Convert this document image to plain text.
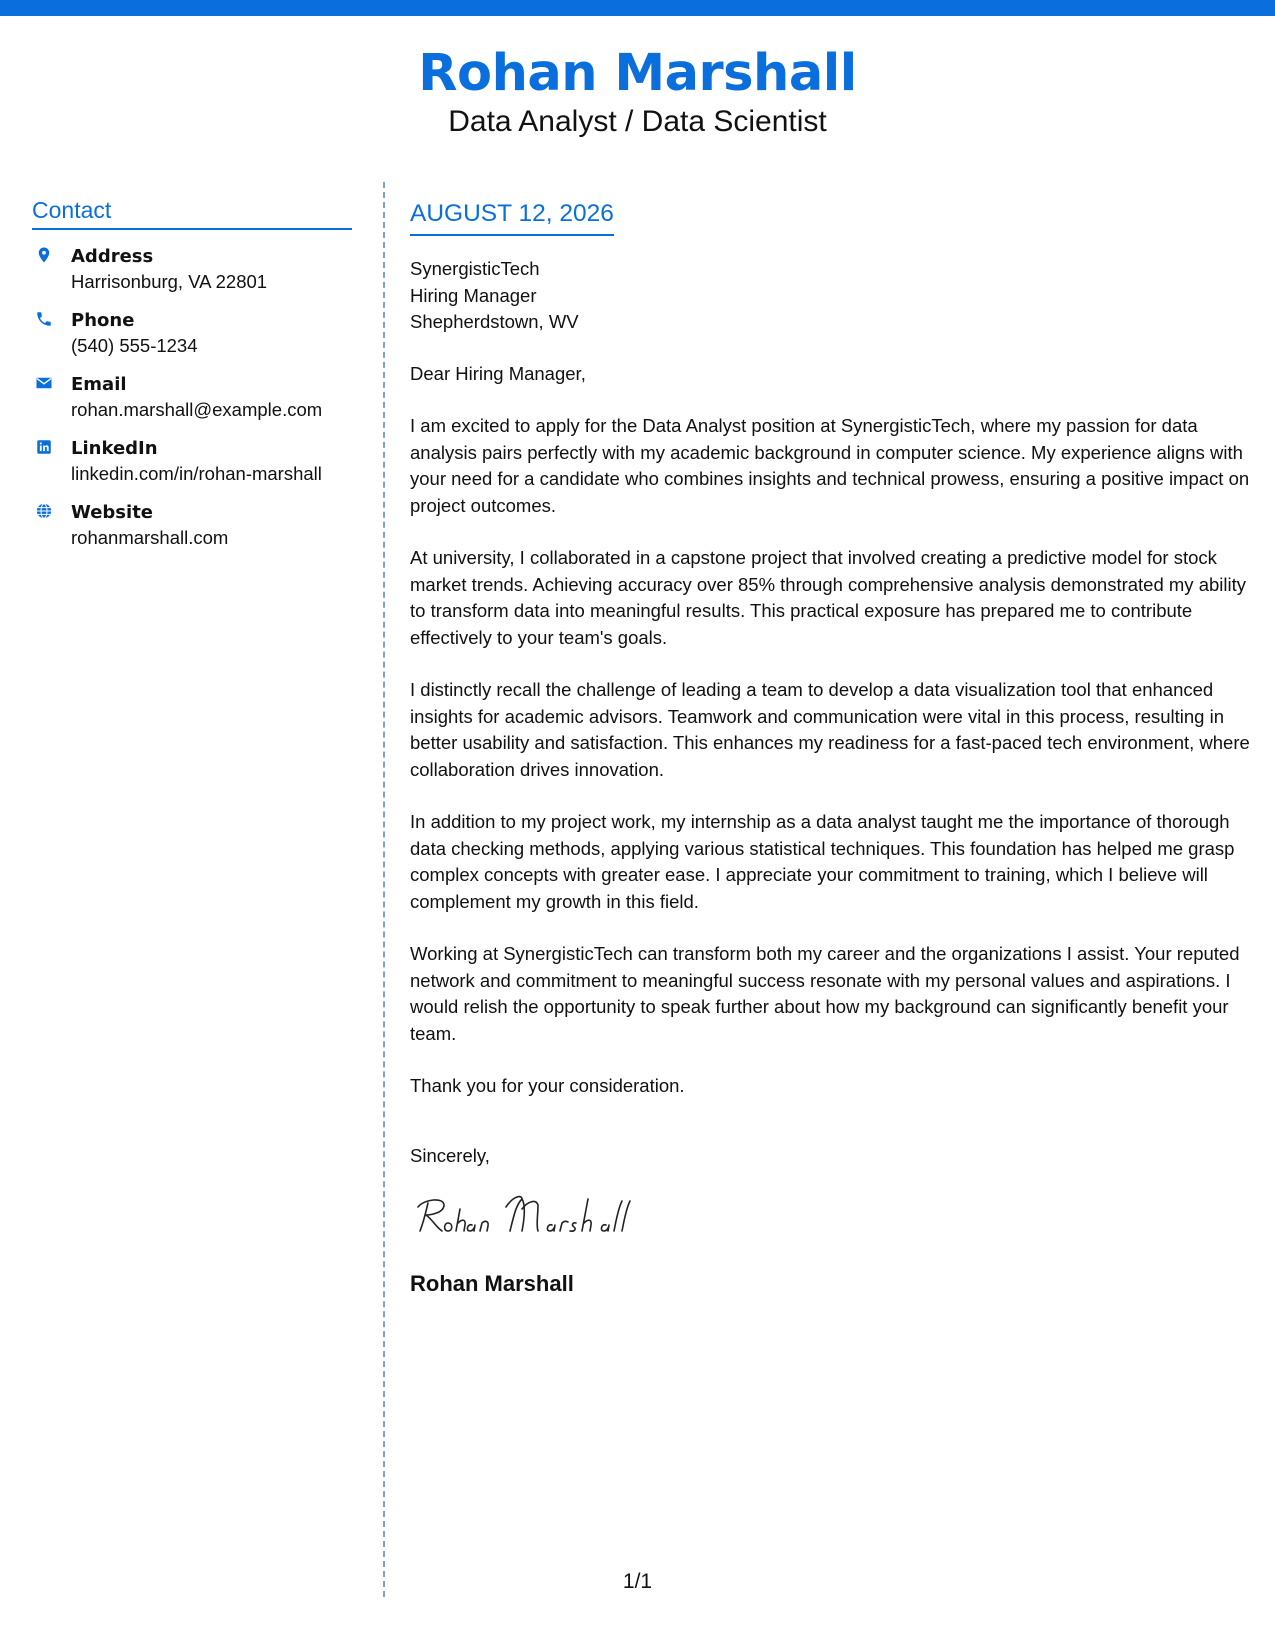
Rohan Marshall
Data Analyst / Data Scientist
Contact
Address
Harrisonburg, VA 22801
Phone
(540) 555-1234
Email
rohan.marshall@example.com
LinkedIn
linkedin.com/in/rohan-marshall
Website
rohanmarshall.com
AUGUST 12, 2026
SynergisticTech
Hiring Manager
Shepherdstown, WV
Dear Hiring Manager,

I am excited to apply for the Data Analyst position at SynergisticTech, where my passion for data analysis pairs perfectly with my academic background in computer science. My experience aligns with your need for a candidate who combines insights and technical prowess, ensuring a positive impact on project outcomes.

At university, I collaborated in a capstone project that involved creating a predictive model for stock market trends. Achieving accuracy over 85% through comprehensive analysis demonstrated my ability to transform data into meaningful results. This practical exposure has prepared me to contribute effectively to your team's goals.

I distinctly recall the challenge of leading a team to develop a data visualization tool that enhanced insights for academic advisors. Teamwork and communication were vital in this process, resulting in better usability and satisfaction. This enhances my readiness for a fast-paced tech environment, where collaboration drives innovation.

In addition to my project work, my internship as a data analyst taught me the importance of thorough data checking methods, applying various statistical techniques. This foundation has helped me grasp complex concepts with greater ease. I appreciate your commitment to training, which I believe will complement my growth in this field.

Working at SynergisticTech can transform both my career and the organizations I assist. Your reputed network and commitment to meaningful success resonate with my personal values and aspirations. I would relish the opportunity to speak further about how my background can significantly benefit your team.

Thank you for your consideration.

Sincerely,
Rohan Marshall
1/1
